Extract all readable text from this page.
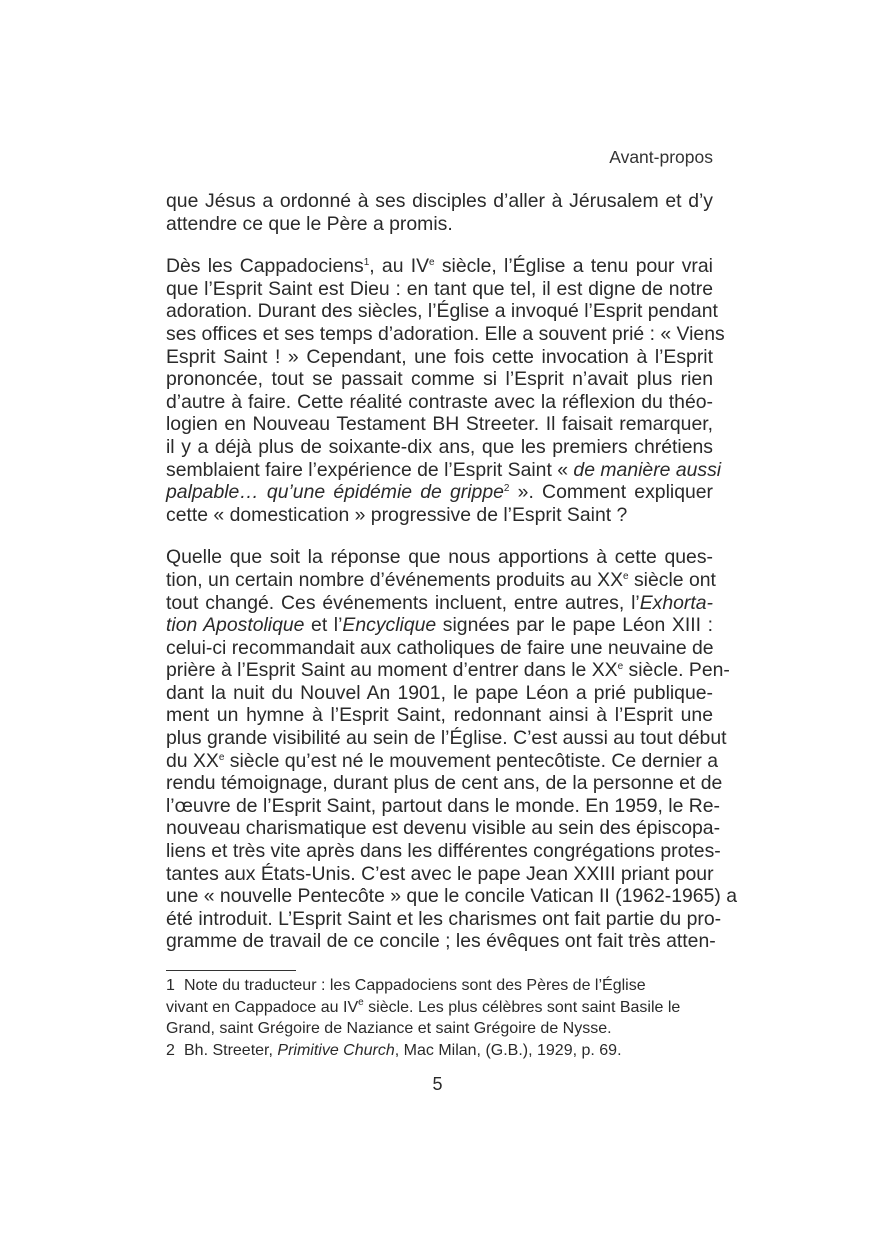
Avant-propos
que Jésus a ordonné à ses disciples d’aller à Jérusalem et d’y
attendre ce que le Père a promis.
Dès les Cappadociens$^1$, au IVe siècle, l’Église a tenu pour vrai
que l’Esprit Saint est Dieu : en tant que tel, il est digne de notre
adoration. Durant des siècles, l’Église a invoqué l’Esprit pendant
ses offices et ses temps d’adoration. Elle a souvent prié : « Viens
Esprit Saint ! » Cependant, une fois cette invocation à l’Esprit
prononcée, tout se passait comme si l’Esprit n’avait plus rien
d’autre à faire. Cette réalité contraste avec la réflexion du théo-
logien en Nouveau Testament BH Streeter. Il faisait remarquer,
il y a déjà plus de soixante-dix ans, que les premiers chrétiens
semblaient faire l’expérience de l’Esprit Saint « de manière aussi
palpable… qu’une épidémie de grippe$^2$ ». Comment expliquer
cette « domestication » progressive de l’Esprit Saint ?
Quelle que soit la réponse que nous apportions à cette ques-
tion, un certain nombre d’événements produits au XXe siècle ont
tout changé. Ces événements incluent, entre autres, l’Exhorta-
tion Apostolique et l’Encyclique signées par le pape Léon XIII :
celui-ci recommandait aux catholiques de faire une neuvaine de
prière à l’Esprit Saint au moment d’entrer dans le XXe siècle. Pen-
dant la nuit du Nouvel An 1901, le pape Léon a prié publique-
ment un hymne à l’Esprit Saint, redonnant ainsi à l’Esprit une
plus grande visibilité au sein de l’Église. C’est aussi au tout début
du XXe siècle qu’est né le mouvement pentecôtiste. Ce dernier a
rendu témoignage, durant plus de cent ans, de la personne et de
l’œuvre de l’Esprit Saint, partout dans le monde. En 1959, le Re-
nouveau charismatique est devenu visible au sein des épiscopa-
liens et très vite après dans les différentes congrégations protes-
tantes aux États-Unis. C’est avec le pape Jean XXIII priant pour
une « nouvelle Pentecôte » que le concile Vatican II (1962-1965) a
été introduit. L’Esprit Saint et les charismes ont fait partie du pro-
gramme de travail de ce concile ; les évêques ont fait très atten-
1 Note du traducteur : les Cappadociens sont des Pères de l’Église
vivant en Cappadoce au IVe siècle. Les plus célèbres sont saint Basile le
Grand, saint Grégoire de Naziance et saint Grégoire de Nysse.
2 Bh. Streeter, Primitive Church, Mac Milan, (G.B.), 1929, p. 69.
5
